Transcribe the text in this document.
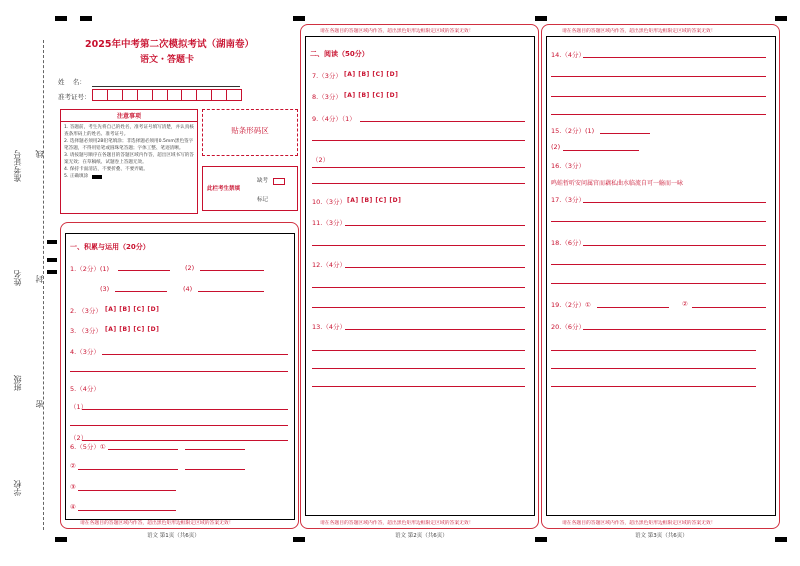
准考证号 线
姓名 封
班级
密
学校
2025年中考第二次模拟考试（湖南卷）
语文・答题卡
姓    名：
准考证号：
注意事项
1. 答题前，考生先将自己的姓名，准考证号填写清楚，并认真核查条形码上的姓名、准考证号。
2. 选择题必须用2B铅笔填涂；非选择题必须用0.5mm黑色签字笔答题，不得用铅笔或圆珠笔答题；字体工整、笔迹清晰。
3. 请按题号顺序在各题目的答题区域内作答，超出区域书写的答案无效；在草稿纸、试题卷上答题无效。
4. 保持卡面清洁，不要折叠、不要弄破。
5. 正确填涂
贴条形码区
此栏考生禁填
缺考
标记
一、积累与运用（20分）
1.（2分）(1)	(2)
(3)	(4)
2. （3分） [A] [B] [C] [D]
3. （3分） [A] [B] [C] [D]
4.（3分）
5.（4分）
（1）
（2）
6.（5分）①
②
③
④
请在各题目的答题区域内作答，超出黑色矩形边框限定区域的答案无效！
请在各题目的答题区域内作答，超出黑色矩形边框限定区域的答案无效！
二、阅读（50分）
7.（3分） [A] [B] [C] [D]
8.（3分） [A] [B] [C] [D]
9.（4分）（1）
（2）
10.（3分） [A] [B] [C] [D]
11.（3分）
12.（4分）
13.（4分）
请在各题目的答题区域内作答，超出黑色矩形边框限定区域的答案无效！
请在各题目的答题区域内作答，超出黑色矩形边框限定区域的答案无效！
14.（4分）
15.（2分）(1)
(2)
16.（3分）
鸣蛙暂听安问属官而藕私曲水临流自可一觞而一咏
17.（3分）
18.（6分）
19.（2分）①	②
20.（6分）
请在各题目的答题区域内作答，超出黑色矩形边框限定区域的答案无效！
语文 第1页（共6页）	语文 第2页（共6页）	语文 第3页（共6页）
